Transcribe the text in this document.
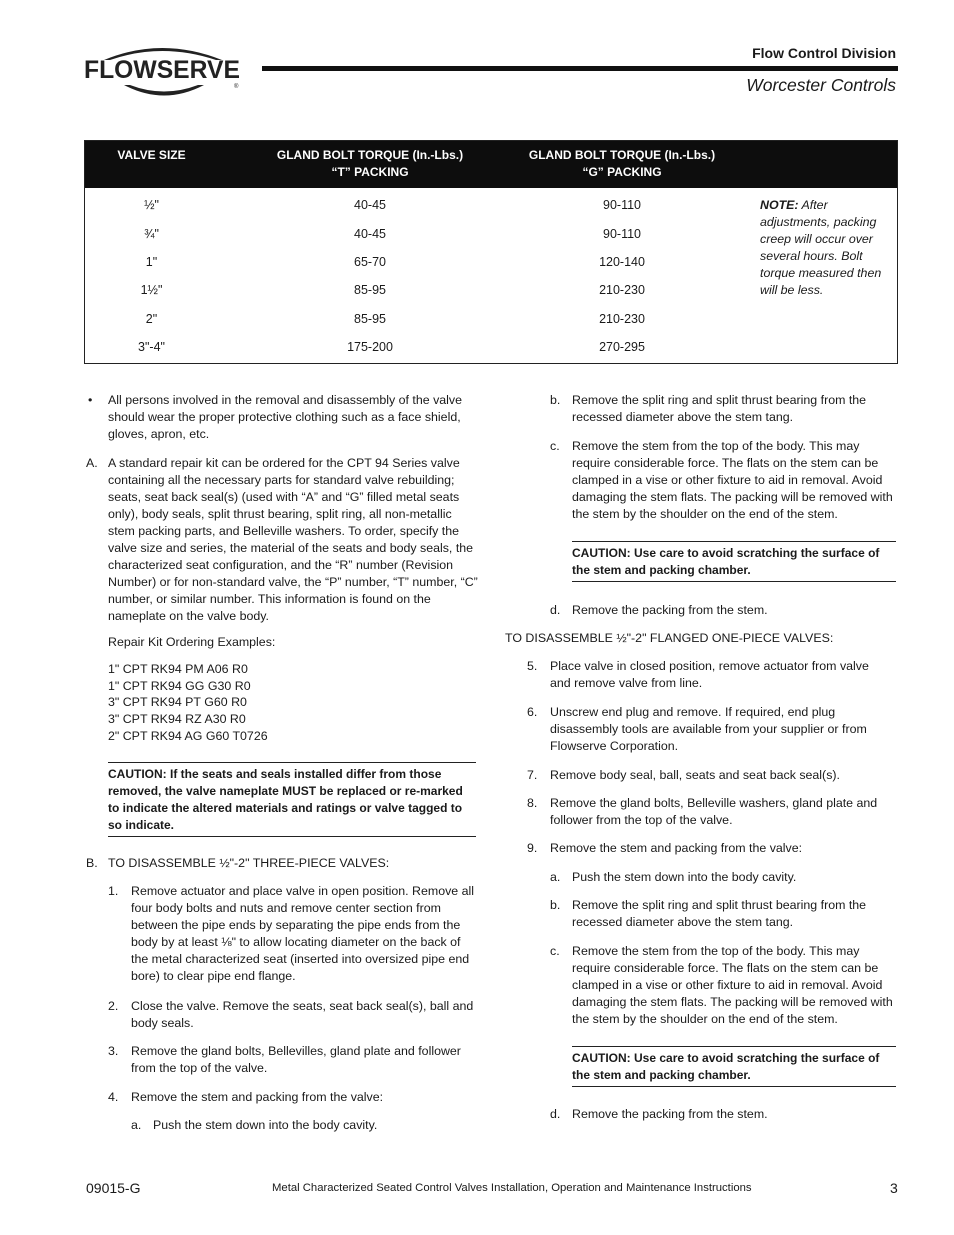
FLOWSERVE
®
Flow Control Division
Worcester Controls
VALVE SIZE	GLAND BOLT TORQUE (In.-Lbs.)
“T” PACKING
GLAND BOLT TORQUE (In.-Lbs.)
“G” PACKING
½"	40-45	90-110
¾"	40-45	90-110
1"	65-70	120-140
1½"	85-95	210-230
2"	85-95	210-230
3"-4"	175-200	270-295
NOTE: After adjustments, packing creep will occur over several hours. Bolt torque measured then will be less.
• All persons involved in the removal and disassembly of the valve should wear the proper protective clothing such as a face shield, gloves, apron, etc.
A. A standard repair kit can be ordered for the CPT 94 Series valve containing all the necessary parts for standard valve rebuilding; seats, seat back seal(s) (used with “A” and “G” filled metal seats only), body seals, split thrust bearing, split ring, all non-metallic stem packing parts, and Belleville washers. To order, specify the valve size and series, the material of the seats and body seals, the characterized seat configuration, and the “R” number (Revision Number) or for non-standard valve, the “P” number, “T” number, “C” number, or similar number. This information is found on the nameplate on the valve body.
Repair Kit Ordering Examples:
1" CPT RK94 PM A06 R0
1" CPT RK94 GG G30 R0
3" CPT RK94 PT G60 R0
3" CPT RK94 RZ A30 R0
2" CPT RK94 AG G60 T0726
CAUTION: If the seats and seals installed differ from those removed, the valve nameplate MUST be replaced or re-marked to indicate the altered materials and ratings or valve tagged to so indicate.
B. TO DISASSEMBLE ½"-2" THREE-PIECE VALVES:
1. Remove actuator and place valve in open position. Remove all four body bolts and nuts and remove center section from between the pipe ends by separating the pipe ends from the body by at least ⅛" to allow locating diameter on the back of the metal characterized seat (inserted into oversized pipe end bore) to clear pipe end flange.
2. Close the valve. Remove the seats, seat back seal(s), ball and body seals.
3. Remove the gland bolts, Bellevilles, gland plate and follower from the top of the valve.
4. Remove the stem and packing from the valve:
a. Push the stem down into the body cavity.
b. Remove the split ring and split thrust bearing from the recessed diameter above the stem tang.
c. Remove the stem from the top of the body. This may require considerable force. The flats on the stem can be clamped in a vise or other fixture to aid in removal. Avoid damaging the stem flats. The packing will be removed with the stem by the shoulder on the end of the stem.
CAUTION: Use care to avoid scratching the surface of the stem and packing chamber.
d. Remove the packing from the stem.
TO DISASSEMBLE ½"-2" FLANGED ONE-PIECE VALVES:
5. Place valve in closed position, remove actuator from valve and remove valve from line.
6. Unscrew end plug and remove. If required, end plug disassembly tools are available from your supplier or from Flowserve Corporation.
7. Remove body seal, ball, seats and seat back seal(s).
8. Remove the gland bolts, Belleville washers, gland plate and follower from the top of the valve.
9. Remove the stem and packing from the valve:
a. Push the stem down into the body cavity.
b. Remove the split ring and split thrust bearing from the recessed diameter above the stem tang.
c. Remove the stem from the top of the body. This may require considerable force. The flats on the stem can be clamped in a vise or other fixture to aid in removal. Avoid damaging the stem flats. The packing will be removed with the stem by the shoulder on the end of the stem.
CAUTION: Use care to avoid scratching the surface of the stem and packing chamber.
d. Remove the packing from the stem.
09015-G	Metal Characterized Seated Control Valves Installation, Operation and Maintenance Instructions	3
